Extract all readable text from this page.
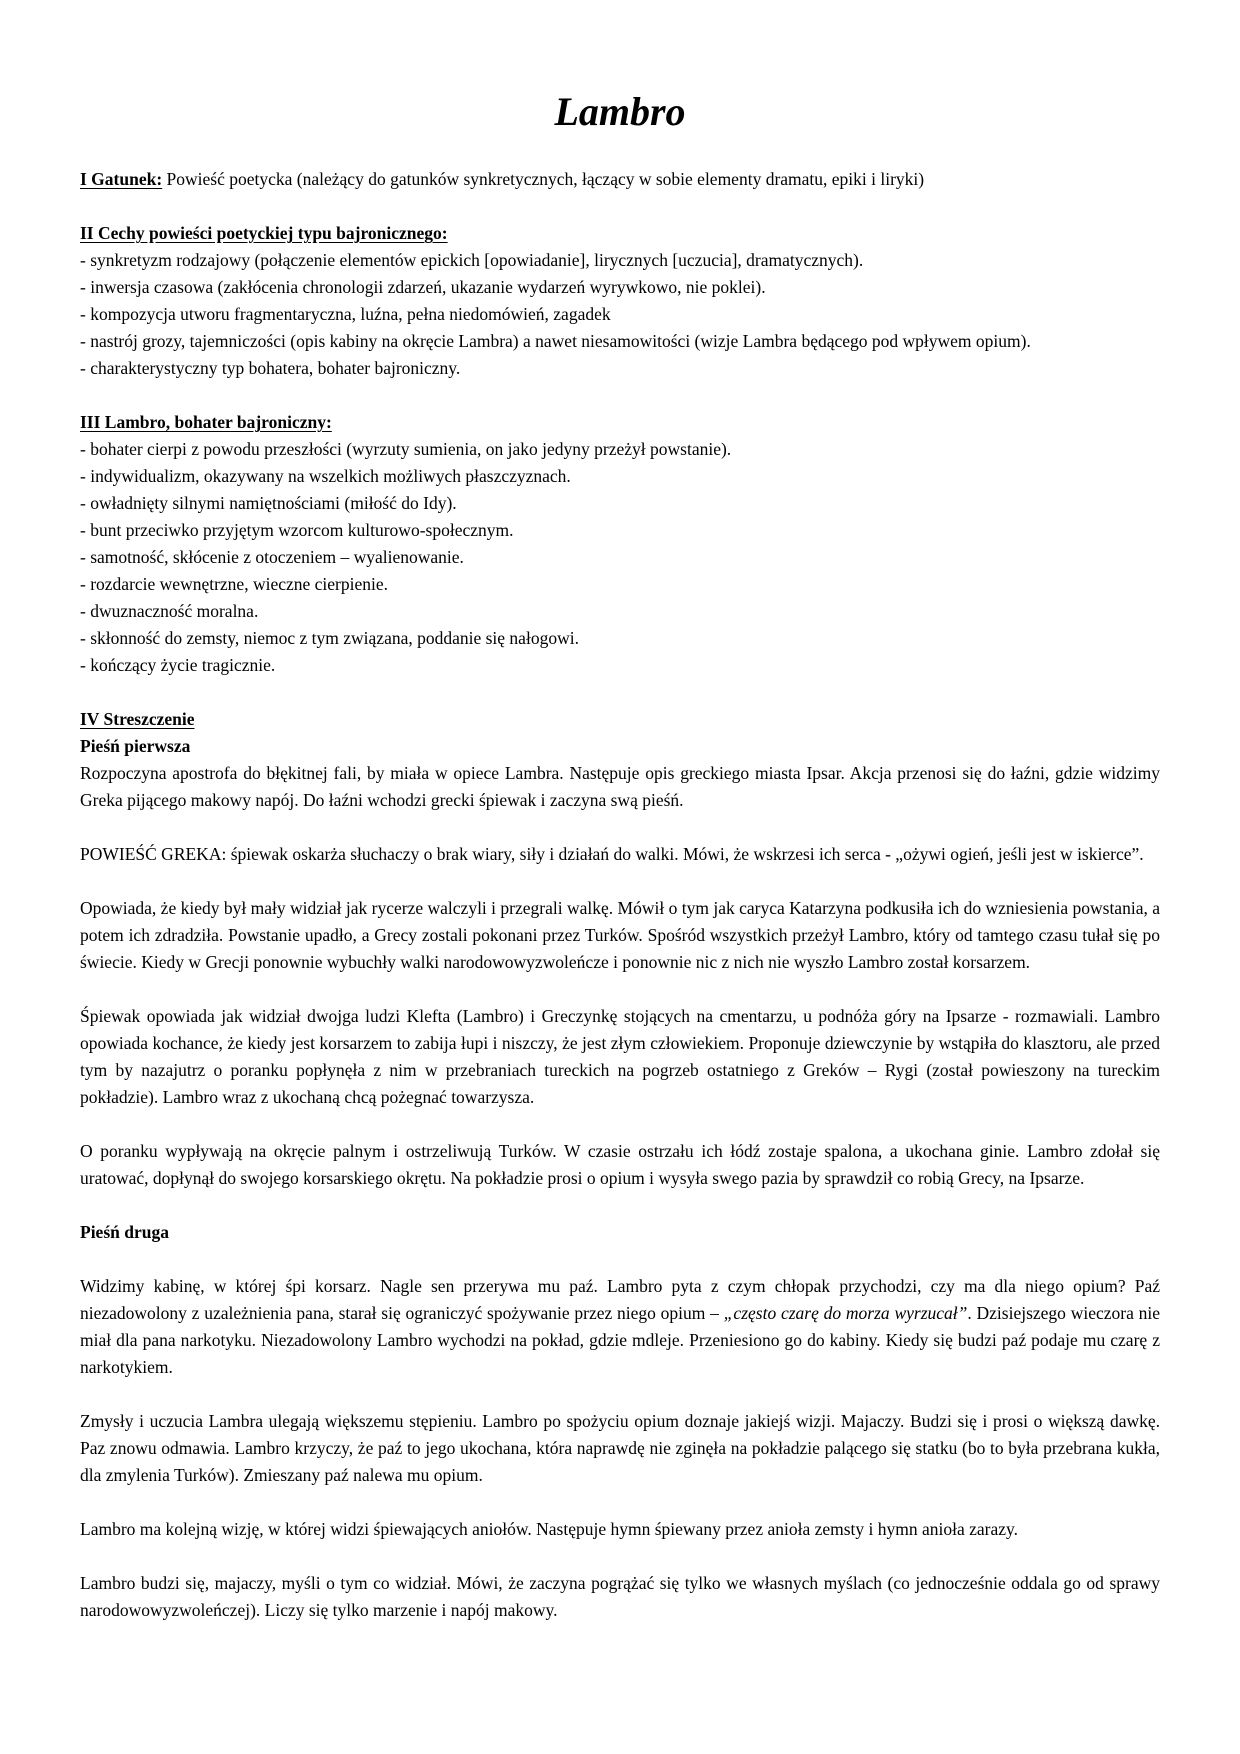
Lambro

I Gatunek: Powieść poetycka (należący do gatunków synkretycznych, łączący w sobie elementy dramatu, epiki i liryki)

II Cechy powieści poetyckiej typu bajronicznego:

- synkretyzm rodzajowy (połączenie elementów epickich [opowiadanie], lirycznych [uczucia], dramatycznych).

- inwersja czasowa (zakłócenia chronologii zdarzeń, ukazanie wydarzeń wyrywkowo, nie poklei).

- kompozycja utworu fragmentaryczna, luźna, pełna niedomówień, zagadek

- nastrój grozy, tajemniczości (opis kabiny na okręcie Lambra) a nawet niesamowitości (wizje Lambra będącego pod wpływem opium).

- charakterystyczny typ bohatera, bohater bajroniczny.

III Lambro, bohater bajroniczny:

- bohater cierpi z powodu przeszłości (wyrzuty sumienia, on jako jedyny przeżył powstanie).

- indywidualizm, okazywany na wszelkich możliwych płaszczyznach.

- owładnięty silnymi namiętnościami (miłość do Idy).

- bunt przeciwko przyjętym wzorcom kulturowo-społecznym.

- samotność, skłócenie z otoczeniem – wyalienowanie.

- rozdarcie wewnętrzne, wieczne cierpienie.

- dwuznaczność moralna.

- skłonność do zemsty, niemoc z tym związana, poddanie się nałogowi.

- kończący życie tragicznie.

IV Streszczenie

Pieśń pierwsza

Rozpoczyna apostrofa do błękitnej fali, by miała w opiece Lambra. Następuje opis greckiego miasta Ipsar. Akcja przenosi się do łaźni, gdzie widzimy Greka pijącego makowy napój. Do łaźni wchodzi grecki śpiewak i zaczyna swą pieśń.

POWIEŚĆ GREKA: śpiewak oskarża słuchaczy o brak wiary, siły i działań do walki. Mówi, że wskrzesi ich serca - „ożywi ogień, jeśli jest w iskierce”.

Opowiada, że kiedy był mały widział jak rycerze walczyli i przegrali walkę. Mówił o tym jak caryca Katarzyna podkusiła ich do wzniesienia powstania, a potem ich zdradziła. Powstanie upadło, a Grecy zostali pokonani przez Turków. Spośród wszystkich przeżył Lambro, który od tamtego czasu tułał się po świecie. Kiedy w Grecji ponownie wybuchły walki narodowowyzwoleńcze i ponownie nic z nich nie wyszło Lambro został korsarzem.

Śpiewak opowiada jak widział dwojga ludzi Klefta (Lambro) i Greczynkę stojących na cmentarzu, u podnóża góry na Ipsarze - rozmawiali. Lambro opowiada kochance, że kiedy jest korsarzem to zabija łupi i niszczy, że jest złym człowiekiem. Proponuje dziewczynie by wstąpiła do klasztoru, ale przed tym by nazajutrz o poranku popłynęła z nim w przebraniach tureckich na pogrzeb ostatniego z Greków – Rygi (został powieszony na tureckim pokładzie). Lambro wraz z ukochaną chcą pożegnać towarzysza.

O poranku wypływają na okręcie palnym i ostrzeliwują Turków. W czasie ostrzału ich łódź zostaje spalona, a ukochana ginie. Lambro zdołał się uratować, dopłynął do swojego korsarskiego okrętu. Na pokładzie prosi o opium i wysyła swego pazia by sprawdził co robią Grecy, na Ipsarze.

Pieśń druga

Widzimy kabinę, w której śpi korsarz. Nagle sen przerywa mu paź. Lambro pyta z czym chłopak przychodzi, czy ma dla niego opium? Paź niezadowolony z uzależnienia pana, starał się ograniczyć spożywanie przez niego opium – „często czarę do morza wyrzucał”. Dzisiejszego wieczora nie miał dla pana narkotyku. Niezadowolony Lambro wychodzi na pokład, gdzie mdleje. Przeniesiono go do kabiny. Kiedy się budzi paź podaje mu czarę z narkotykiem.

Zmysły i uczucia Lambra ulegają większemu stępieniu. Lambro po spożyciu opium doznaje jakiejś wizji. Majaczy. Budzi się i prosi o większą dawkę. Paz znowu odmawia. Lambro krzyczy, że paź to jego ukochana, która naprawdę nie zginęła na pokładzie palącego się statku (bo to była przebrana kukła, dla zmylenia Turków). Zmieszany paź nalewa mu opium.

Lambro ma kolejną wizję, w której widzi śpiewających aniołów. Następuje hymn śpiewany przez anioła zemsty i hymn anioła zarazy.

Lambro budzi się, majaczy, myśli o tym co widział. Mówi, że zaczyna pogrążać się tylko we własnych myślach (co jednocześnie oddala go od sprawy narodowowyzwoleńczej). Liczy się tylko marzenie i napój makowy.
